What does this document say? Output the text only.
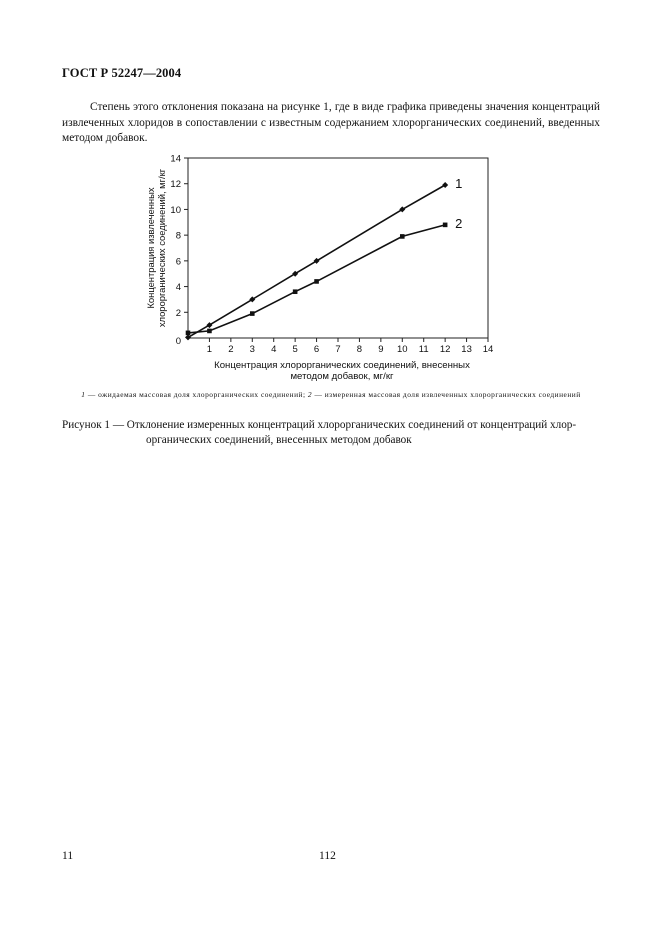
ГОСТ Р 52247—2004

Степень этого отклонения показана на рисунке 1, где в виде графика приведены значения концентраций извлеченных хлоридов в сопоставлении с известным содержанием хлорорганических соединений, введенных методом добавок.

1 2 3 4 5 6 7 8 9 10 11 12 13 14
2
4
6
8
10
12
14
0
1
2
Концентрация хлорорганических соединений, внесенных
методом добавок, мг/кг
Концентрация извлеченных хлорорганических соединений, мг/кг

1 — ожидаемая массовая доля хлорорганических соединений; 2 — измеренная массовая доля извлеченных хлорорганических соединений

Рисунок 1 — Отклонение измеренных концентраций хлорорганических соединений от концентраций хлор-
органических соединений, внесенных методом добавок

11	112
